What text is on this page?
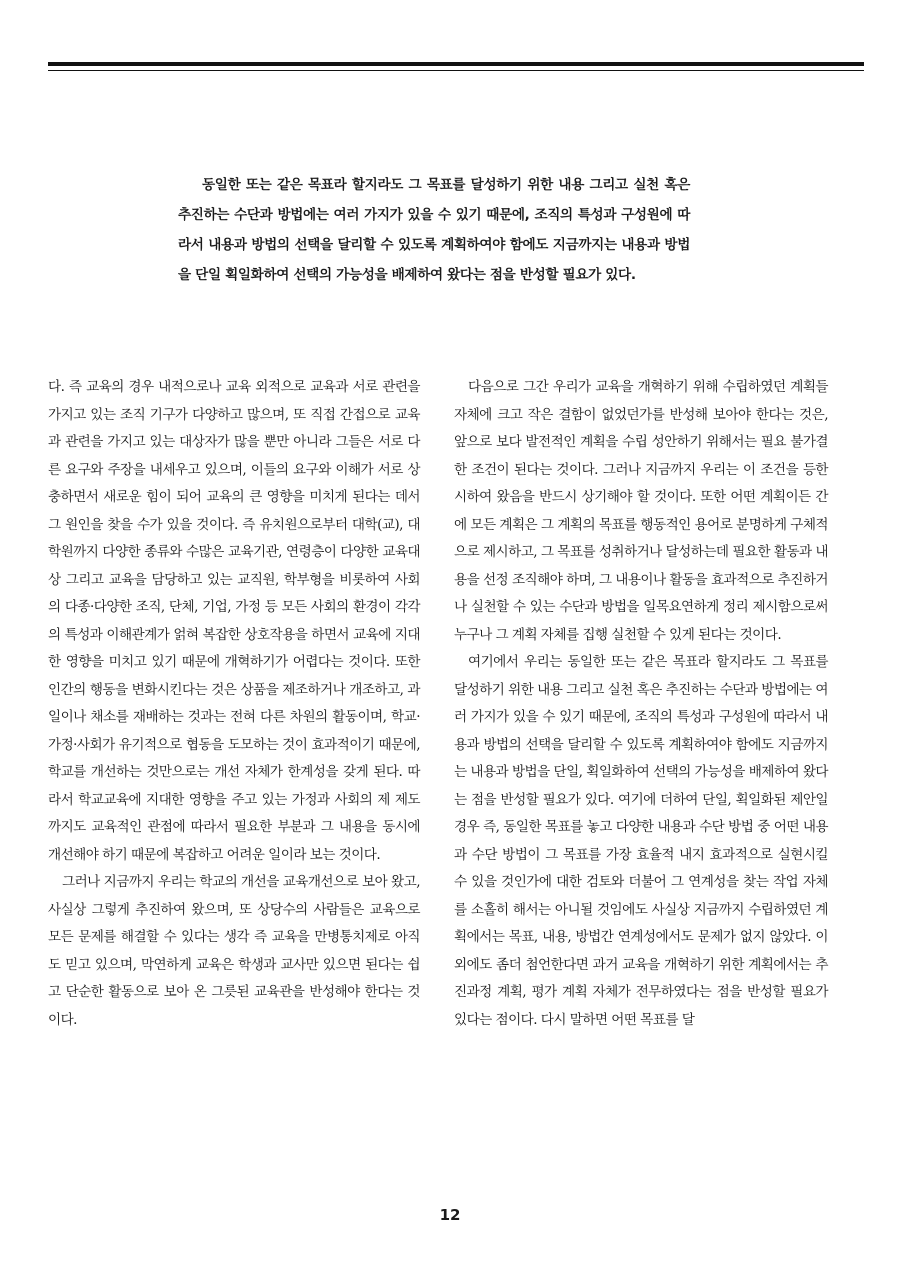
동일한 또는 같은 목표라 할지라도 그 목표를 달성하기 위한 내용 그리고 실천 혹은 추진하는 수단과 방법에는 여러 가지가 있을 수 있기 때문에, 조직의 특성과 구성원에 따라서 내용과 방법의 선택을 달리할 수 있도록 계획하여야 함에도 지금까지는 내용과 방법을 단일 획일화하여 선택의 가능성을 배제하여 왔다는 점을 반성할 필요가 있다.

다. 즉 교육의 경우 내적으로나 교육 외적으로 교육과 서로 관련을 가지고 있는 조직 기구가 다양하고 많으며, 또 직접 간접으로 교육과 관련을 가지고 있는 대상자가 많을 뿐만 아니라 그들은 서로 다른 요구와 주장을 내세우고 있으며, 이들의 요구와 이해가 서로 상충하면서 새로운 힘이 되어 교육의 큰 영향을 미치게 된다는 데서 그 원인을 찾을 수가 있을 것이다. 즉 유치원으로부터 대학(교), 대학원까지 다양한 종류와 수많은 교육기관, 연령층이 다양한 교육대상 그리고 교육을 담당하고 있는 교직원, 학부형을 비롯하여 사회의 다종·다양한 조직, 단체, 기업, 가정 등 모든 사회의 환경이 각각의 특성과 이해관계가 얽혀 복잡한 상호작용을 하면서 교육에 지대한 영향을 미치고 있기 때문에 개혁하기가 어렵다는 것이다. 또한 인간의 행동을 변화시킨다는 것은 상품을 제조하거나 개조하고, 과일이나 채소를 재배하는 것과는 전혀 다른 차원의 활동이며, 학교·가정·사회가 유기적으로 협동을 도모하는 것이 효과적이기 때문에, 학교를 개선하는 것만으로는 개선 자체가 한계성을 갖게 된다. 따라서 학교교육에 지대한 영향을 주고 있는 가정과 사회의 제 제도까지도 교육적인 관점에 따라서 필요한 부분과 그 내용을 동시에 개선해야 하기 때문에 복잡하고 어려운 일이라 보는 것이다.

그러나 지금까지 우리는 학교의 개선을 교육개선으로 보아 왔고, 사실상 그렇게 추진하여 왔으며, 또 상당수의 사람들은 교육으로 모든 문제를 해결할 수 있다는 생각 즉 교육을 만병통치제로 아직도 믿고 있으며, 막연하게 교육은 학생과 교사만 있으면 된다는 쉽고 단순한 활동으로 보아 온 그릇된 교육관을 반성해야 한다는 것이다.

다음으로 그간 우리가 교육을 개혁하기 위해 수립하였던 계획들 자체에 크고 작은 결함이 없었던가를 반성해 보아야 한다는 것은, 앞으로 보다 발전적인 계획을 수립 성안하기 위해서는 필요 불가결한 조건이 된다는 것이다. 그러나 지금까지 우리는 이 조건을 등한시하여 왔음을 반드시 상기해야 할 것이다. 또한 어떤 계획이든 간에 모든 계획은 그 계획의 목표를 행동적인 용어로 분명하게 구체적으로 제시하고, 그 목표를 성취하거나 달성하는데 필요한 활동과 내용을 선정 조직해야 하며, 그 내용이나 활동을 효과적으로 추진하거나 실천할 수 있는 수단과 방법을 일목요연하게 정리 제시함으로써 누구나 그 계획 자체를 집행 실천할 수 있게 된다는 것이다.

여기에서 우리는 동일한 또는 같은 목표라 할지라도 그 목표를 달성하기 위한 내용 그리고 실천 혹은 추진하는 수단과 방법에는 여러 가지가 있을 수 있기 때문에, 조직의 특성과 구성원에 따라서 내용과 방법의 선택을 달리할 수 있도록 계획하여야 함에도 지금까지는 내용과 방법을 단일, 획일화하여 선택의 가능성을 배제하여 왔다는 점을 반성할 필요가 있다. 여기에 더하여 단일, 획일화된 제안일 경우 즉, 동일한 목표를 놓고 다양한 내용과 수단 방법 중 어떤 내용과 수단 방법이 그 목표를 가장 효율적 내지 효과적으로 실현시킬 수 있을 것인가에 대한 검토와 더불어 그 연계성을 찾는 작업 자체를 소홀히 해서는 아니될 것임에도 사실상 지금까지 수립하였던 계획에서는 목표, 내용, 방법간 연계성에서도 문제가 없지 않았다. 이외에도 좀더 첨언한다면 과거 교육을 개혁하기 위한 계획에서는 추진과정 계획, 평가 계획 자체가 전무하였다는 점을 반성할 필요가 있다는 점이다. 다시 말하면 어떤 목표를 달

12
